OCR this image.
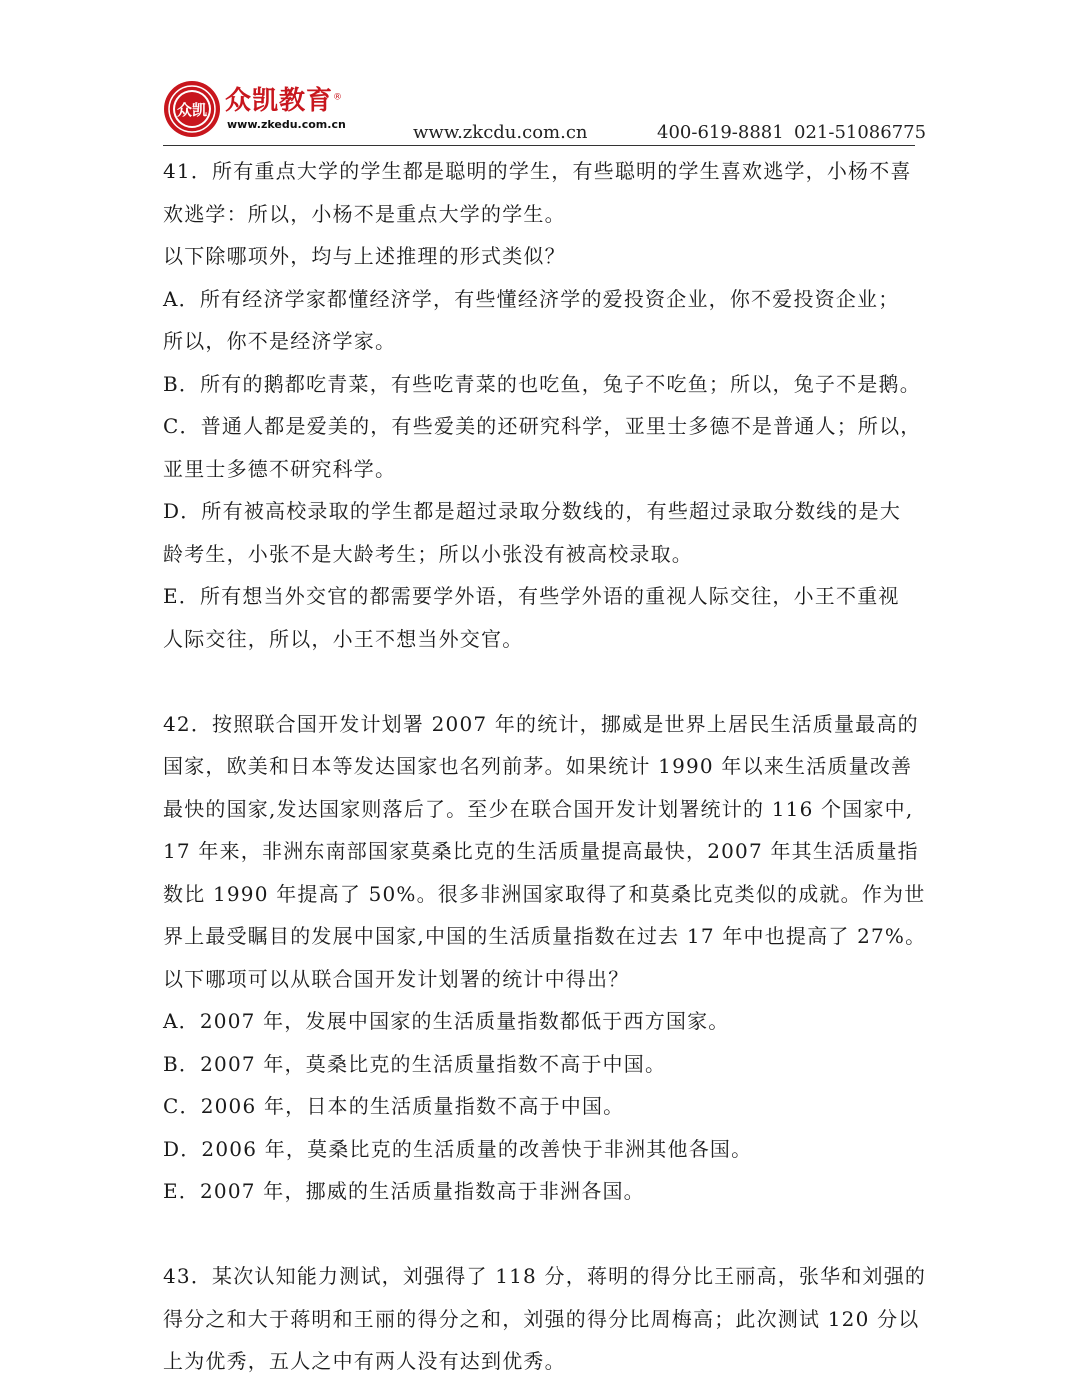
众凯 众凯教育®
www.zkedu.com.cn	www.zkcdu.com.cn	400-619-8881 021-51086775
41．所有重点大学的学生都是聪明的学生，有些聪明的学生喜欢逃学，小杨不喜
欢逃学：所以，小杨不是重点大学的学生。
以下除哪项外，均与上述推理的形式类似？
A．所有经济学家都懂经济学，有些懂经济学的爱投资企业，你不爱投资企业；
所以，你不是经济学家。
B．所有的鹅都吃青菜，有些吃青菜的也吃鱼，兔子不吃鱼；所以，兔子不是鹅。
C．普通人都是爱美的，有些爱美的还研究科学，亚里士多德不是普通人；所以，
亚里士多德不研究科学。
D．所有被高校录取的学生都是超过录取分数线的，有些超过录取分数线的是大
龄考生，小张不是大龄考生；所以小张没有被高校录取。
E．所有想当外交官的都需要学外语，有些学外语的重视人际交往，小王不重视
人际交往，所以，小王不想当外交官。
42．按照联合国开发计划署 2007 年的统计，挪威是世界上居民生活质量最高的
国家，欧美和日本等发达国家也名列前茅。如果统计 1990 年以来生活质量改善
最快的国家,发达国家则落后了。至少在联合国开发计划署统计的 116 个国家中,
17 年来，非洲东南部国家莫桑比克的生活质量提高最快，2007 年其生活质量指
数比 1990 年提高了 50%。很多非洲国家取得了和莫桑比克类似的成就。作为世
界上最受瞩目的发展中国家,中国的生活质量指数在过去 17 年中也提高了 27%。
以下哪项可以从联合国开发计划署的统计中得出？
A．2007 年，发展中国家的生活质量指数都低于西方国家。
B．2007 年，莫桑比克的生活质量指数不高于中国。
C．2006 年，日本的生活质量指数不高于中国。
D．2006 年，莫桑比克的生活质量的改善快于非洲其他各国。
E．2007 年，挪威的生活质量指数高于非洲各国。
43．某次认知能力测试，刘强得了 118 分，蒋明的得分比王丽高，张华和刘强的
得分之和大于蒋明和王丽的得分之和，刘强的得分比周梅高；此次测试 120 分以
上为优秀，五人之中有两人没有达到优秀。
